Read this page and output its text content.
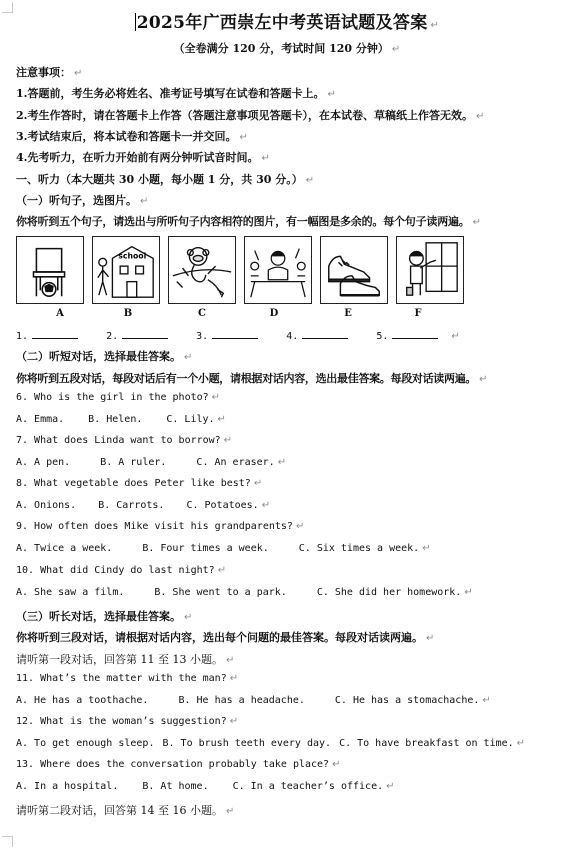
2025年广西崇左中考英语试题及答案 ↵
（全卷满分 120 分，考试时间 120 分钟） ↵
注意事项： ↵
1.答题前，考生务必将姓名、准考证号填写在试卷和答题卡上。 ↵
2.考生作答时，请在答题卡上作答（答题注意事项见答题卡），在本试卷、草稿纸上作答无效。 ↵
3.考试结束后，将本试卷和答题卡一并交回。 ↵
4.先考听力，在听力开始前有两分钟听试音时间。 ↵
一、听力（本大题共 30 小题，每小题 1 分，共 30 分。） ↵
（一）听句子，选图片。 ↵
你将听到五个句子，请选出与所听句子内容相符的图片，有一幅图是多余的。每个句子读两遍。 ↵
school
A	B	C	D	E	F
1.	2.	3.	4.	5.	↵
（二）听短对话，选择最佳答案。 ↵
你将听到五段对话，每段对话后有一个小题，请根据对话内容，选出最佳答案。每段对话读两遍。 ↵
6. Who is the girl in the photo? ↵
A. Emma. B. Helen. C. Lily. ↵
7. What does Linda want to borrow? ↵
A. A pen.	B. A ruler.	C. An eraser. ↵
8. What vegetable does Peter like best? ↵
A. Onions. B. Carrots. C. Potatoes. ↵
9. How often does Mike visit his grandparents? ↵
A. Twice a week.	B. Four times a week.	C. Six times a week. ↵
10. What did Cindy do last night? ↵
A. She saw a film.	B. She went to a park.	C. She did her homework. ↵
（三）听长对话，选择最佳答案。 ↵
你将听到三段对话，请根据对话内容，选出每个问题的最佳答案。每段对话读两遍。 ↵
请听第一段对话，回答第 11 至 13 小题。 ↵
11. What’s the matter with the man? ↵
A. He has a toothache.	B. He has a headache.	C. He has a stomachache. ↵
12. What is the woman’s suggestion? ↵
A. To get enough sleep. B. To brush teeth every day. C. To have breakfast on time. ↵
13. Where does the conversation probably take place? ↵
A. In a hospital. B. At home. C. In a teacher’s office. ↵
请听第二段对话，回答第 14 至 16 小题。 ↵
